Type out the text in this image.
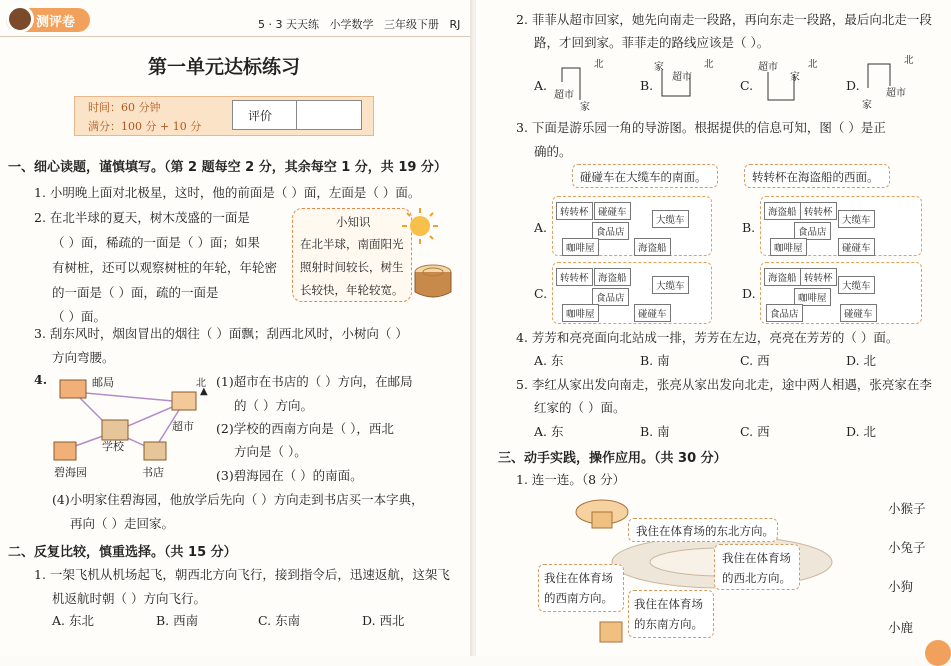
测评卷	5 · 3 天天练 小学数学 三年级下册 RJ
第一单元达标练习
时间：60 分钟
满分：100 分 + 10 分
评价
一、细心读题，谨慎填写。（第 2 题每空 2 分，其余每空 1 分，共 19 分）
1. 小明晚上面对北极星，这时，他的前面是（ ）面，左面是（ ）面。
2. 在北半球的夏天，树木茂盛的一面是
（ ）面，稀疏的一面是（ ）面；如果
有树桩，还可以观察树桩的年轮，年轮密
的一面是（ ）面，疏的一面是
（ ）面。
小知识
在北半球，南面阳光
照射时间较长，树生
长较快，年轮较宽。
3. 刮东风时，烟囱冒出的烟往（ ）面飘；刮西北风时，小树向（ ）
方向弯腰。
4.	邮局
超市
学校
碧海园	书店
北
▲
(1)超市在书店的（ ）方向，在邮局
的（ ）方向。
(2)学校的西南方向是（ ），西北
方向是（ ）。
(3)碧海园在（ ）的南面。
(4)小明家住碧海园，他放学后先向（ ）方向走到书店买一本字典，
再向（ ）走回家。
二、反复比较，慎重选择。（共 15 分）
1. 一架飞机从机场起飞，朝西北方向飞行，接到指令后，迅速返航，这架飞
机返航时朝（ ）方向飞行。
A. 东北	B. 西南	C. 东南	D. 西北
2. 菲菲从超市回家，她先向南走一段路，再向东走一段路，最后向北走一段
路，才回到家。菲菲走的路线应该是（ ）。
A.
超市
家
北
B.
家
超市
北
C.
超市
家
北
D.
家
超市
北
3. 下面是游乐园一角的导游图。根据提供的信息可知，图（ ）是正
确的。
碰碰车在大缆车的南面。	转转杯在海盗船的西面。
A.
转转杯 碰碰车
大缆车
食品店
咖啡屋	海盗船
B.
海盗船 转转杯
大缆车
食品店
咖啡屋	碰碰车
C.
转转杯 海盗船
大缆车
食品店
咖啡屋	碰碰车
D.
海盗船 转转杯
大缆车
咖啡屋
食品店	碰碰车
4. 芳芳和亮亮面向北站成一排，芳芳在左边，亮亮在芳芳的（ ）面。
A. 东	B. 南	C. 西	D. 北
5. 李红从家出发向南走，张亮从家出发向北走，途中两人相遇，张亮家在李
红家的（ ）面。
A. 东	B. 南	C. 西	D. 北
三、动手实践，操作应用。（共 30 分）
1. 连一连。（8 分）
我住在体育场的东北方向。
我住在体育场的西北方向。
我住在体育场的西南方向。	我住在体育场的东南方向。
小猴子
小兔子
小狗
小鹿
